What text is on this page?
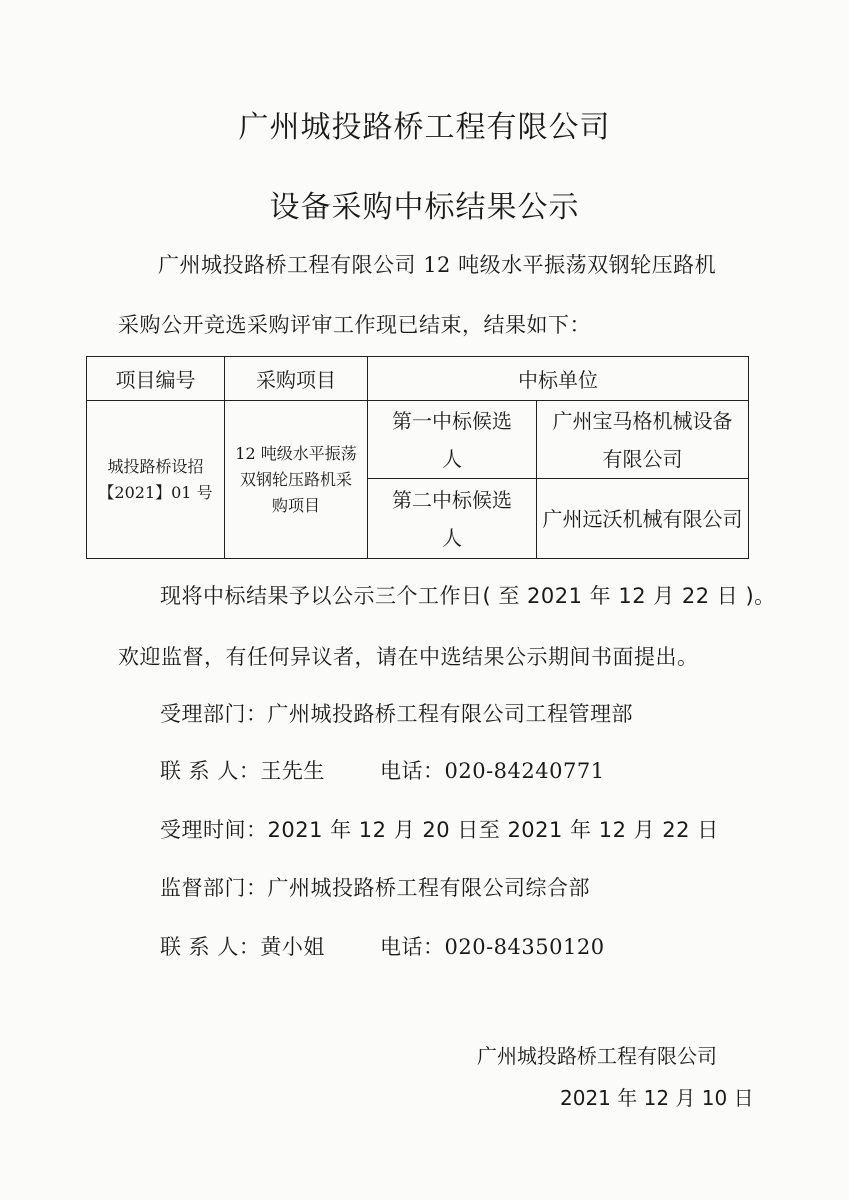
广州城投路桥工程有限公司
设备采购中标结果公示
广州城投路桥工程有限公司 12 吨级水平振荡双钢轮压路机
采购公开竞选采购评审工作现已结束，结果如下：
项目编号	采购项目	中标单位	

城投路桥设招
【2021】01 号	12 吨级水平振荡双钢轮压路机采购项目	第一中标候选人	广州宝马格机械设备有限公司
		第二中标候选人	广州远沃机械有限公司
现将中标结果予以公示三个工作日( 至 2021 年 12 月 22 日 )。
欢迎监督，有任何异议者，请在中选结果公示期间书面提出。
受理部门：广州城投路桥工程有限公司工程管理部
联 系 人：王先生	电话：020-84240771
受理时间：2021 年 12 月 20 日至 2021 年 12 月 22 日
监督部门：广州城投路桥工程有限公司综合部
联 系 人：黄小姐	电话：020-84350120
广州城投路桥工程有限公司
2021 年 12 月 10 日
